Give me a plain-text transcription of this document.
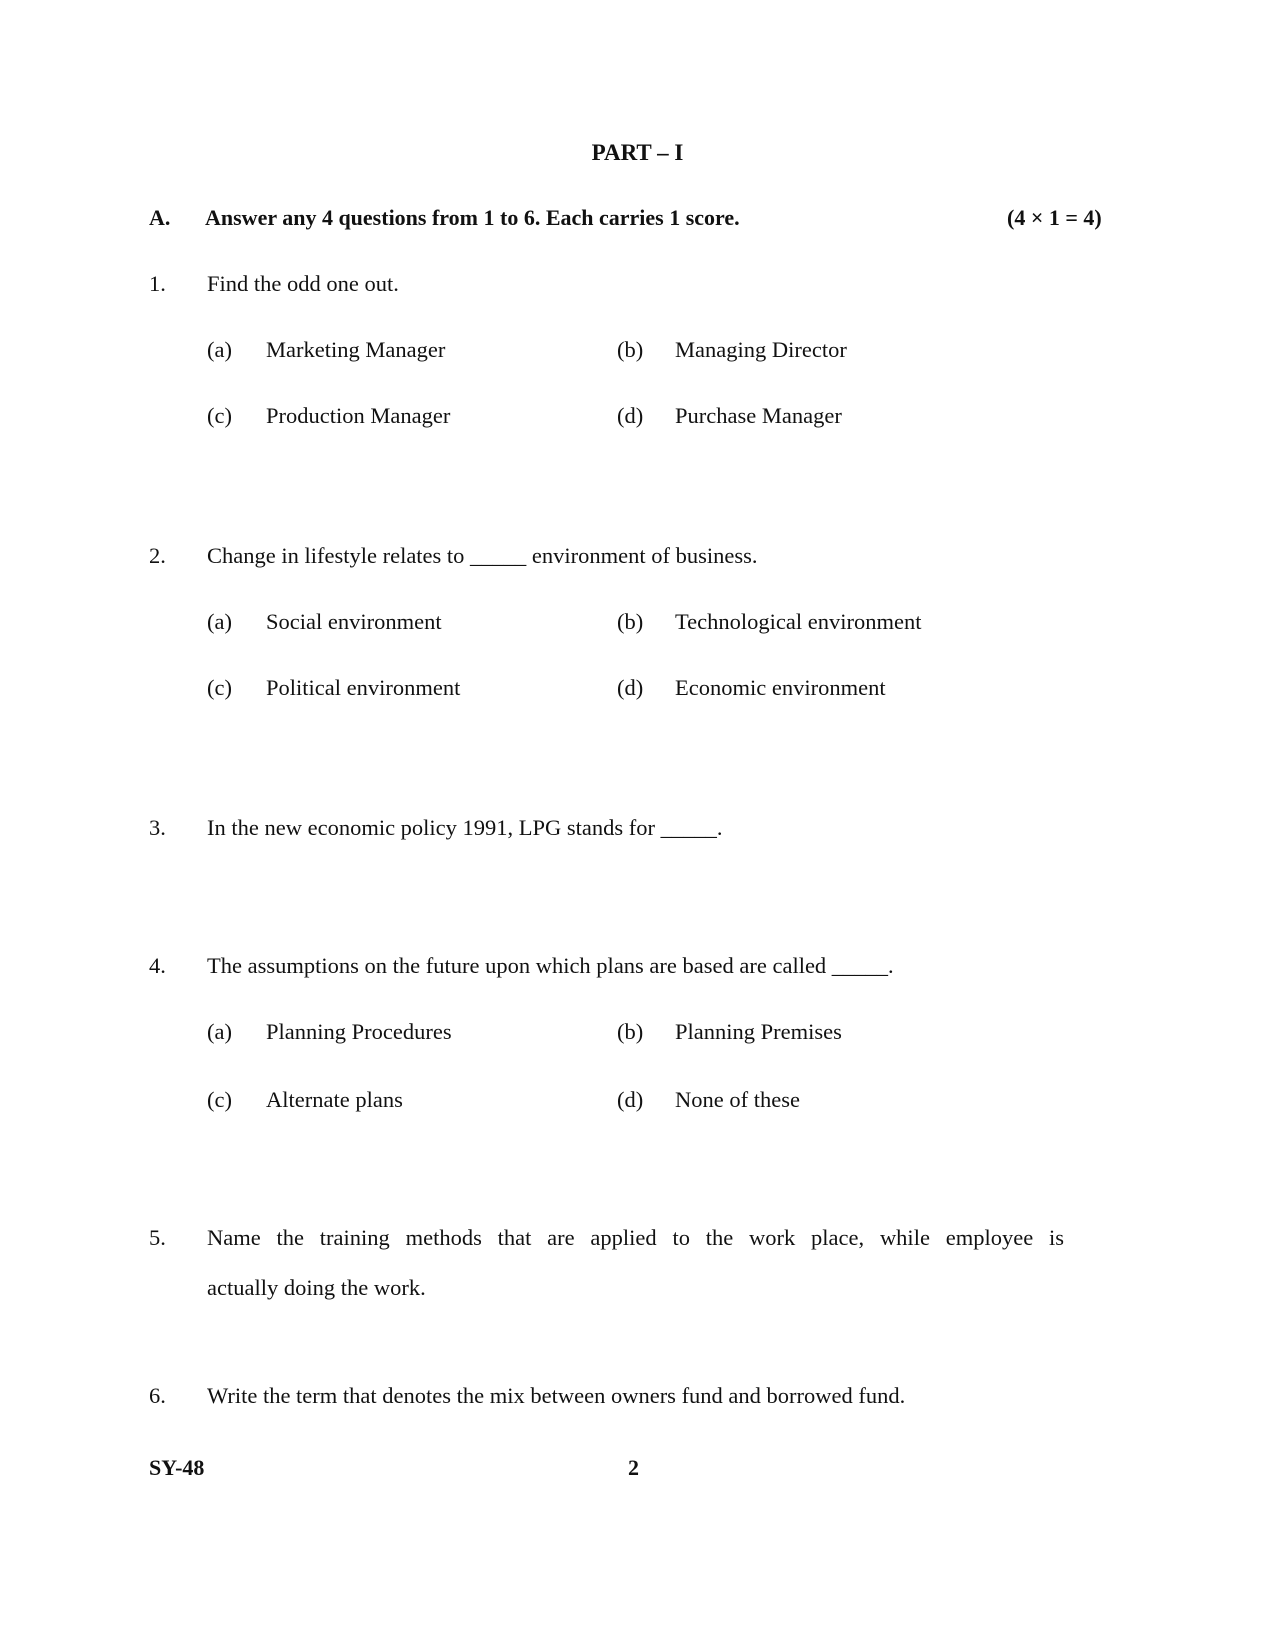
PART – I
A. Answer any 4 questions from 1 to 6. Each carries 1 score.	(4 × 1 = 4)
1. Find the odd one out.
(a) Marketing Manager	(b) Managing Director
(c) Production Manager	(d) Purchase Manager
2. Change in lifestyle relates to _____ environment of business.
(a) Social environment	(b) Technological environment
(c) Political environment	(d) Economic environment
3. In the new economic policy 1991, LPG stands for _____.
4. The assumptions on the future upon which plans are based are called _____.
(a) Planning Procedures	(b) Planning Premises
(c) Alternate plans	(d) None of these
5. Name the training methods that are applied to the work place, while employee is
actually doing the work.
6. Write the term that denotes the mix between owners fund and borrowed fund.
SY-48	2
